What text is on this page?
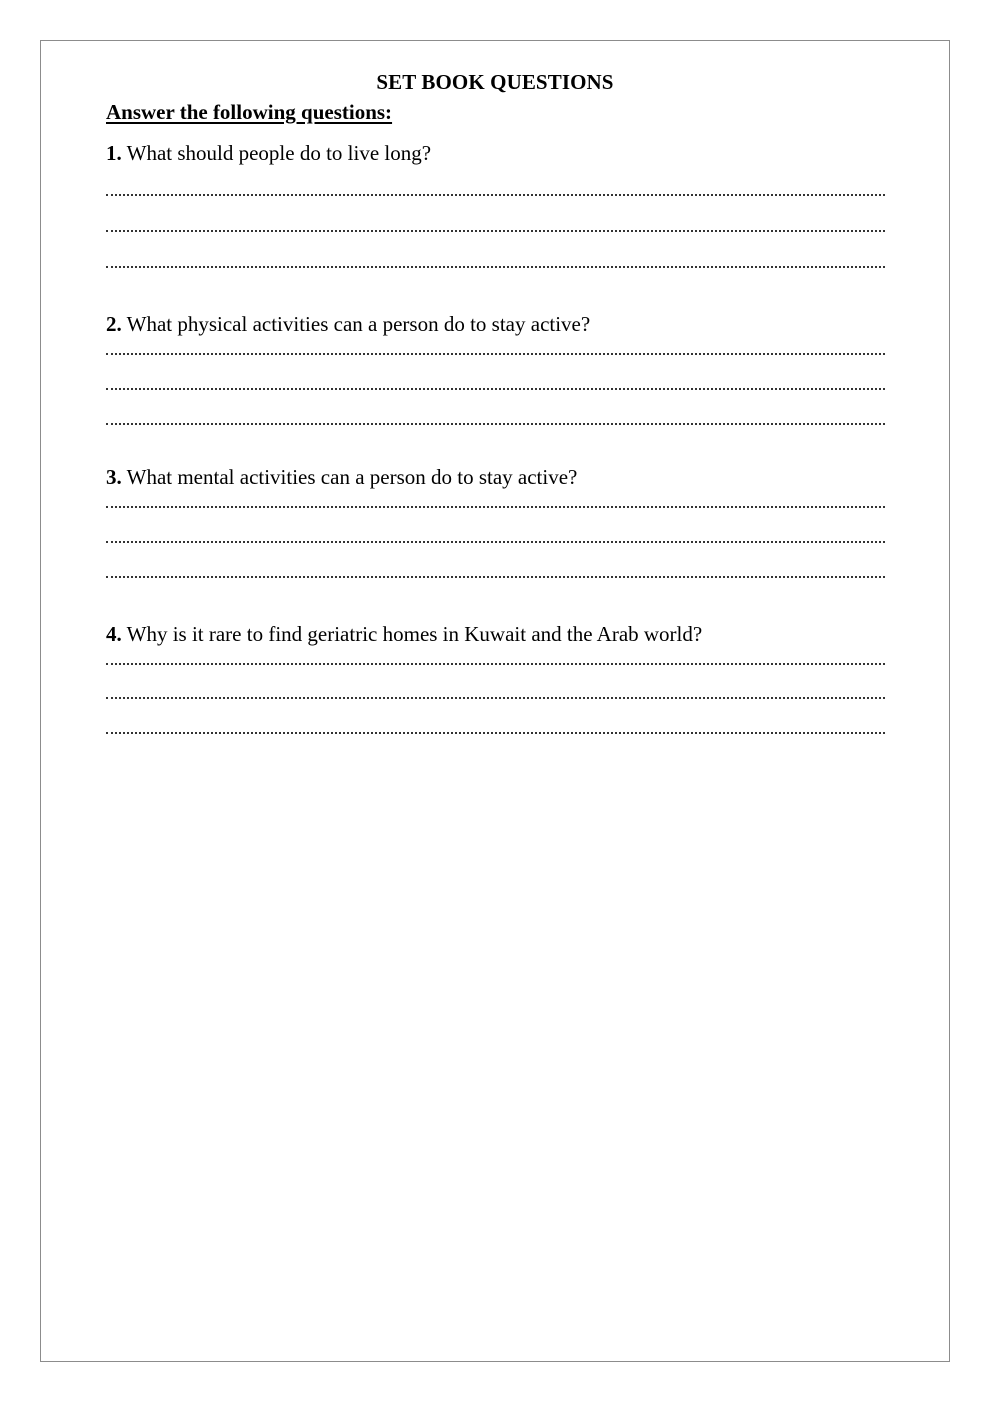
SET BOOK QUESTIONS
Answer the following questions:
1. What should people do to live long?
2. What physical activities can a person do to stay active?
3. What mental activities can a person do to stay active?
4. Why is it rare to find geriatric homes in Kuwait and the Arab world?
